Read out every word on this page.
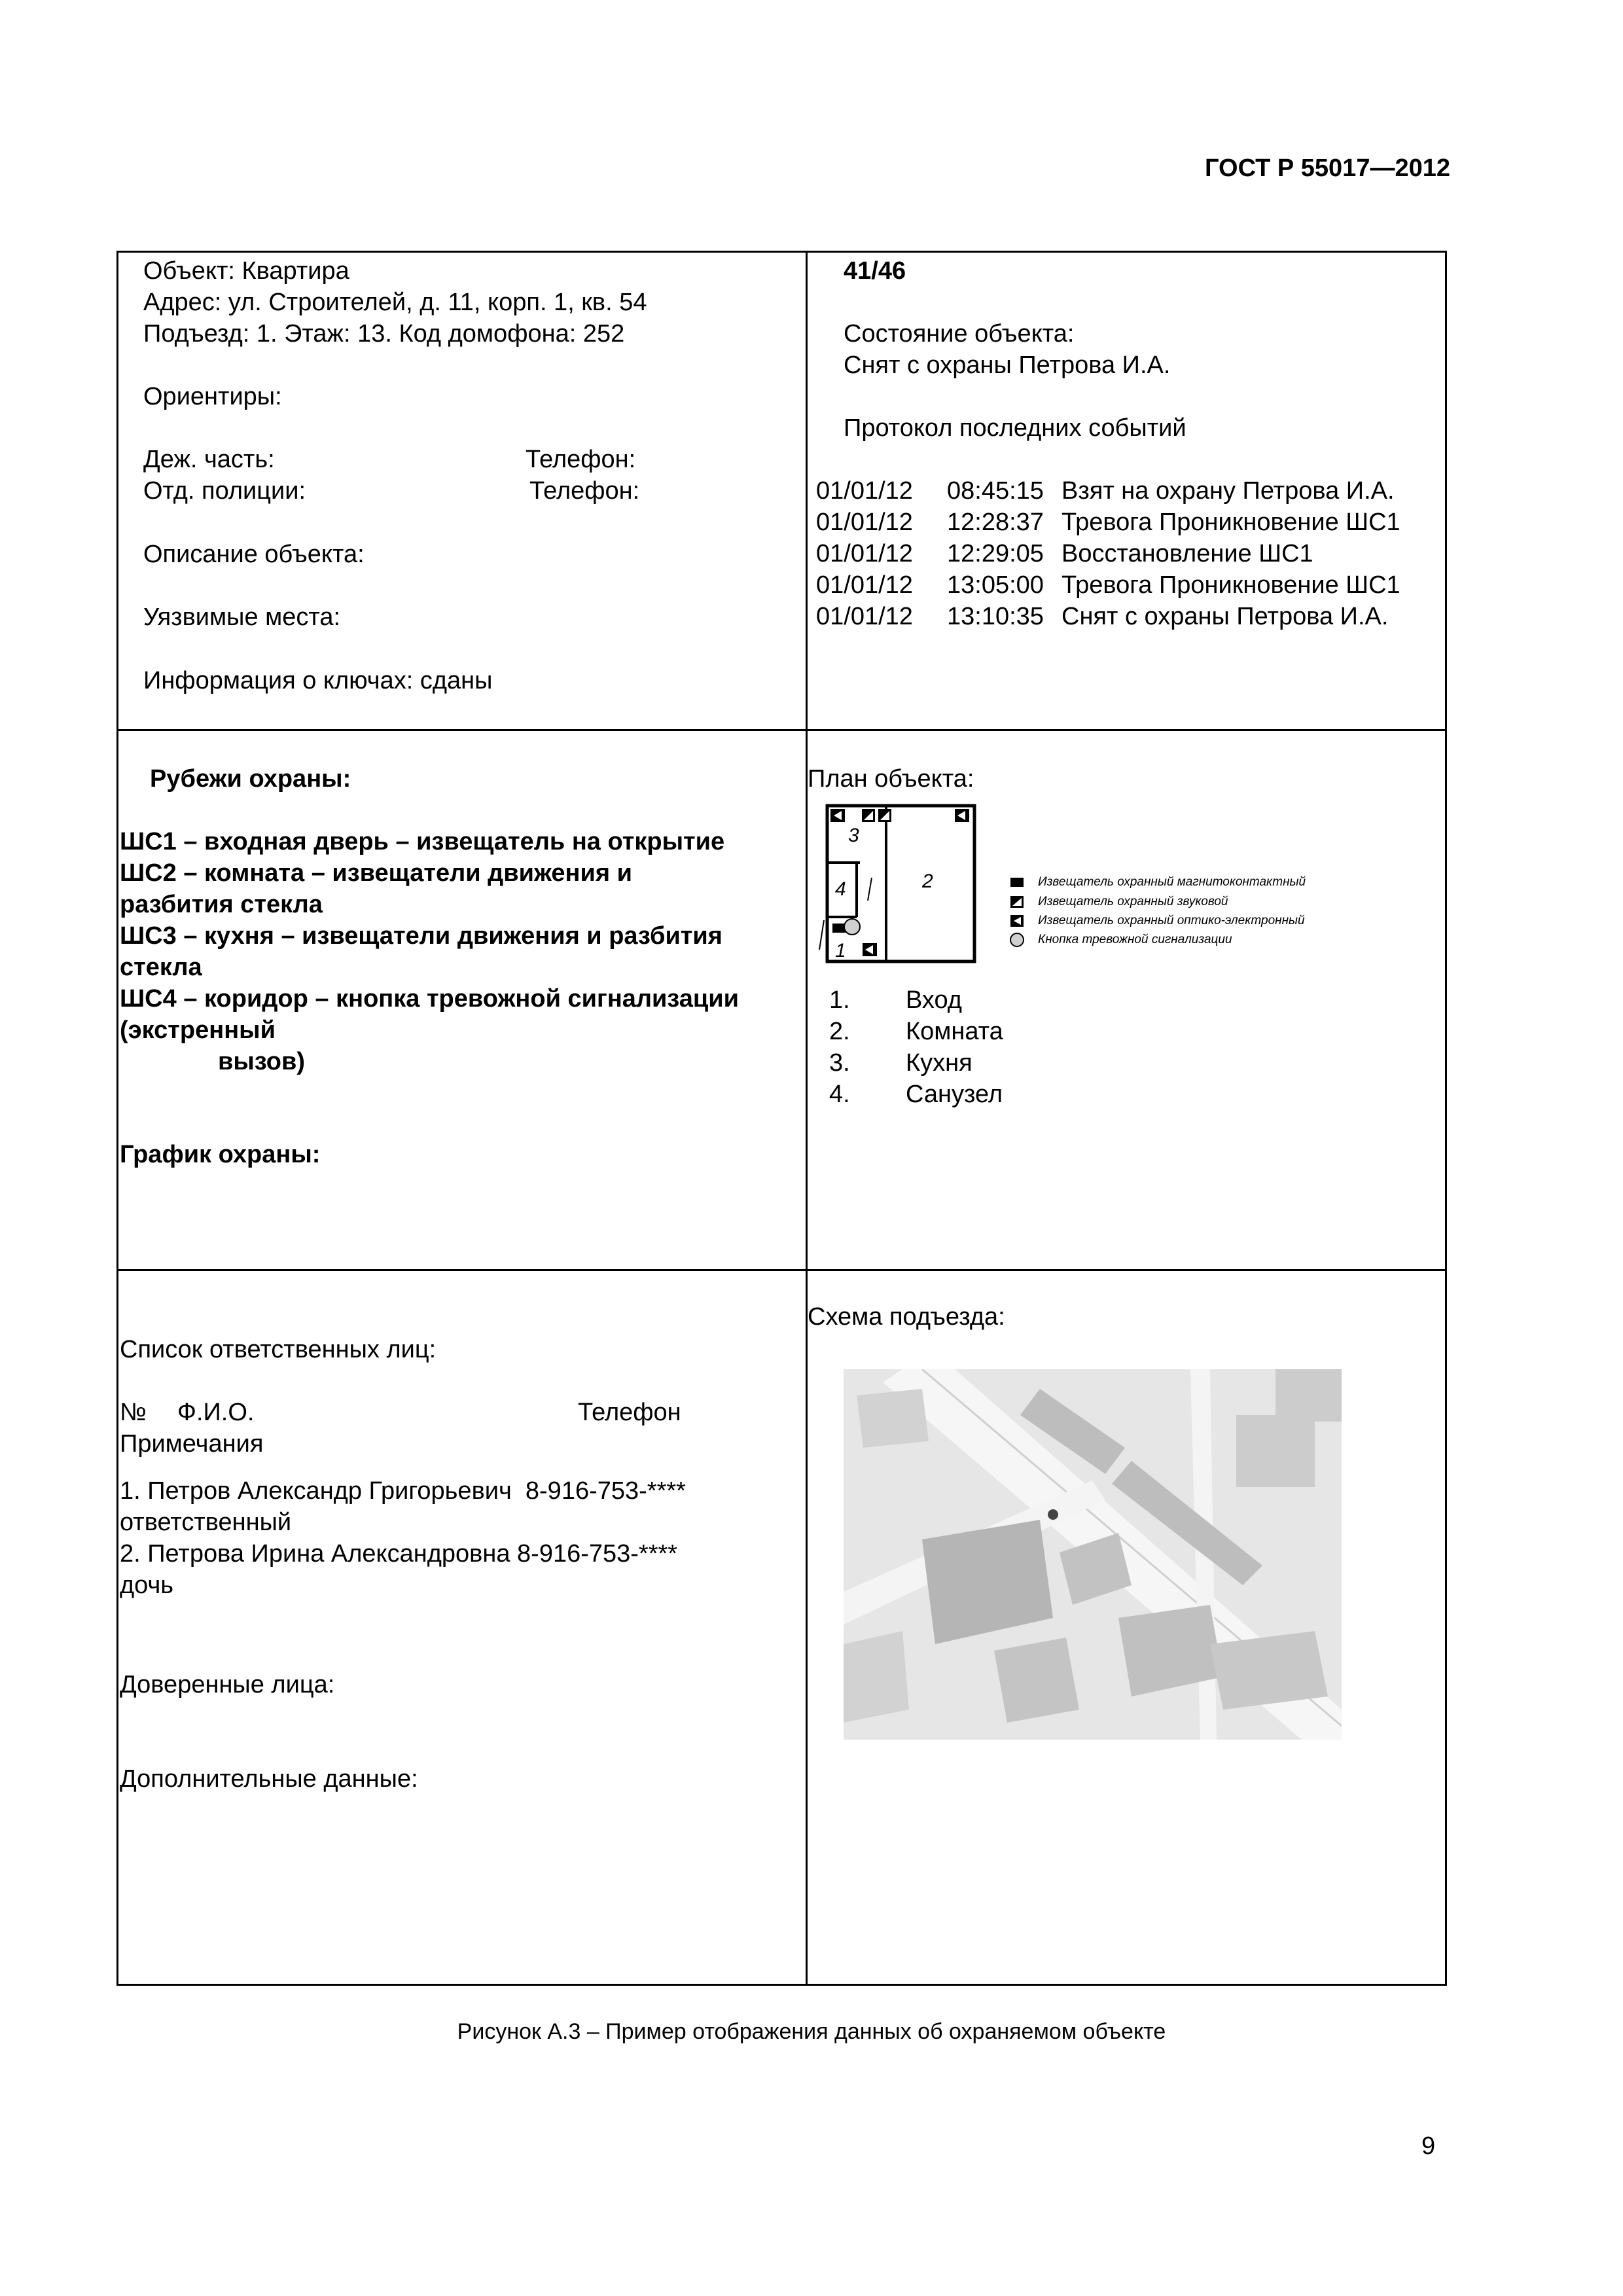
ГОСТ Р 55017—2012
Объект: Квартира
Адрес: ул. Строителей, д. 11, корп. 1, кв. 54
Подъезд: 1. Этаж: 13. Код домофона: 252
Ориентиры:
Деж. часть:	Телефон:
Отд. полиции:	Телефон:
Описание объекта:
Уязвимые места:
Информация о ключах: сданы
41/46
Состояние объекта:
Снят с охраны Петрова И.А.
Протокол последних событий
01/01/12 08:45:15 Взят на охрану Петрова И.А.
01/01/12 12:28:37 Тревога Проникновение ШС1
01/01/12 12:29:05 Восстановление ШС1
01/01/12 13:05:00 Тревога Проникновение ШС1
01/01/12 13:10:35 Снят с охраны Петрова И.А.
Рубежи охраны:
ШС1 – входная дверь – извещатель на открытие
ШС2 – комната – извещатели движения и
разбития стекла
ШС3 – кухня – извещатели движения и разбития
стекла
ШС4 – коридор – кнопка тревожной сигнализации
(экстренный
вызов)
График охраны:
План объекта:
3
2
4
1
Извещатель охранный магнитоконтактный
Извещатель охранный звуковой
Извещатель охранный оптико-электронный
Кнопка тревожной сигнализации
1. Вход
2. Комната
3. Кухня
4. Санузел
Список ответственных лиц:
№ Ф.И.О.	Телефон
Примечания
1. Петров Александр Григорьевич  8-916-753-****
ответственный
2. Петрова Ирина Александровна 8-916-753-****
дочь
Доверенные лица:
Дополнительные данные:
Схема подъезда:
Рисунок А.3 – Пример отображения данных об охраняемом объекте
9
